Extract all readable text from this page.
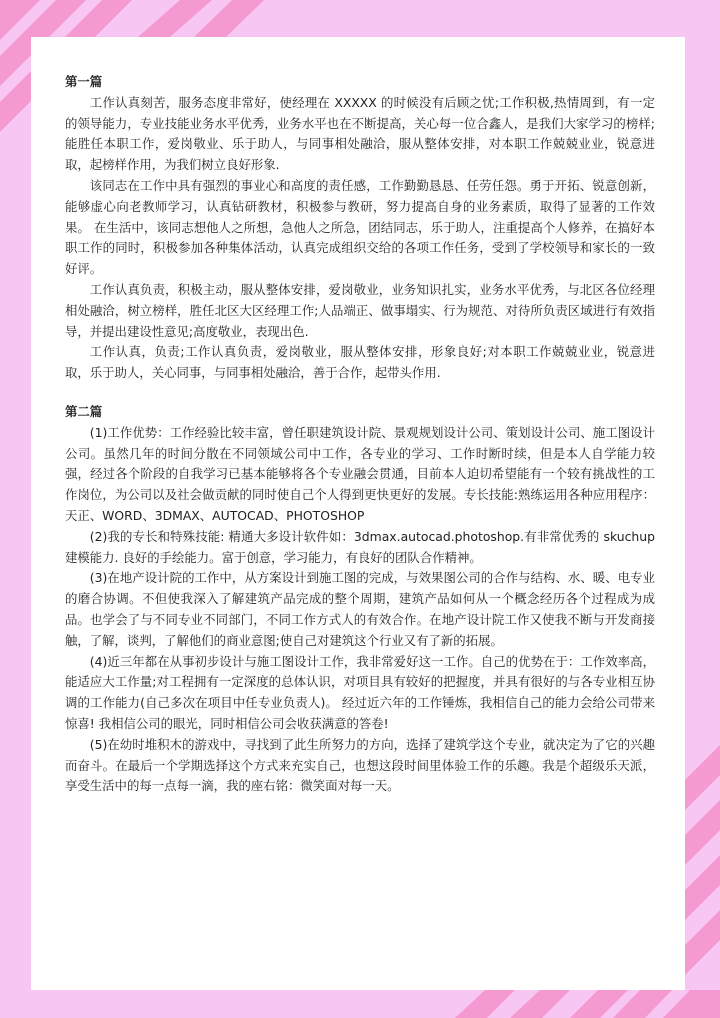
第一篇

工作认真刻苦，服务态度非常好，使经理在 XXXXX 的时候没有后顾之忧;工作积极,热情周到，有一定的领导能力，专业技能业务水平优秀，业务水平也在不断提高，关心每一位合鑫人，是我们大家学习的榜样;能胜任本职工作，爱岗敬业、乐于助人，与同事相处融洽，服从整体安排，对本职工作兢兢业业，锐意进取，起榜样作用，为我们树立良好形象.

该同志在工作中具有强烈的事业心和高度的责任感，工作勤勤恳恳、任劳任怨。勇于开拓、锐意创新，能够虚心向老教师学习，认真钻研教材，积极参与教研，努力提高自身的业务素质，取得了显著的工作效果。 在生活中，该同志想他人之所想，急他人之所急，团结同志，乐于助人，注重提高个人修养，在搞好本职工作的同时，积极参加各种集体活动，认真完成组织交给的各项工作任务，受到了学校领导和家长的一致好评。

工作认真负责，积极主动，服从整体安排，爱岗敬业，业务知识扎实，业务水平优秀，与北区各位经理相处融洽，树立榜样，胜任北区大区经理工作;人品端正、做事塌实、行为规范、对待所负责区域进行有效指导，并提出建设性意见;高度敬业，表现出色.

工作认真，负责;工作认真负责，爱岗敬业，服从整体安排，形象良好;对本职工作兢兢业业，锐意进取，乐于助人，关心同事，与同事相处融洽，善于合作，起带头作用.

第二篇

(1)工作优势：工作经验比较丰富，曾任职建筑设计院、景观规划设计公司、策划设计公司、施工图设计公司。虽然几年的时间分散在不同领域公司中工作，各专业的学习、工作时断时续，但是本人自学能力较强，经过各个阶段的自我学习已基本能够将各个专业融会贯通，目前本人迫切希望能有一个较有挑战性的工作岗位，为公司以及社会做贡献的同时使自己个人得到更快更好的发展。专长技能:熟练运用各种应用程序：天正、WORD、3DMAX、AUTOCAD、PHOTOSHOP

(2)我的专长和特殊技能: 精通大多设计软件如：3dmax.autocad.photoshop.有非常优秀的 skuchup 建模能力. 良好的手绘能力。富于创意，学习能力，有良好的团队合作精神。

(3)在地产设计院的工作中，从方案设计到施工图的完成，与效果图公司的合作与结构、水、暖、电专业的磨合协调。不但使我深入了解建筑产品完成的整个周期，建筑产品如何从一个概念经历各个过程成为成品。也学会了与不同专业不同部门，不同工作方式人的有效合作。在地产设计院工作又使我不断与开发商接触，了解，谈判，了解他们的商业意图;使自己对建筑这个行业又有了新的拓展。

(4)近三年都在从事初步设计与施工图设计工作，我非常爱好这一工作。自己的优势在于：工作效率高，能适应大工作量;对工程拥有一定深度的总体认识，对项目具有较好的把握度，并具有很好的与各专业相互协调的工作能力(自己多次在项目中任专业负责人)。 经过近六年的工作锤炼，我相信自己的能力会给公司带来惊喜! 我相信公司的眼光，同时相信公司会收获满意的答卷!

(5)在幼时堆积木的游戏中，寻找到了此生所努力的方向，选择了建筑学这个专业，就决定为了它的兴趣而奋斗。在最后一个学期选择这个方式来充实自己，也想这段时间里体验工作的乐趣。我是个超级乐天派，享受生活中的每一点每一滴，我的座右铭：微笑面对每一天。
